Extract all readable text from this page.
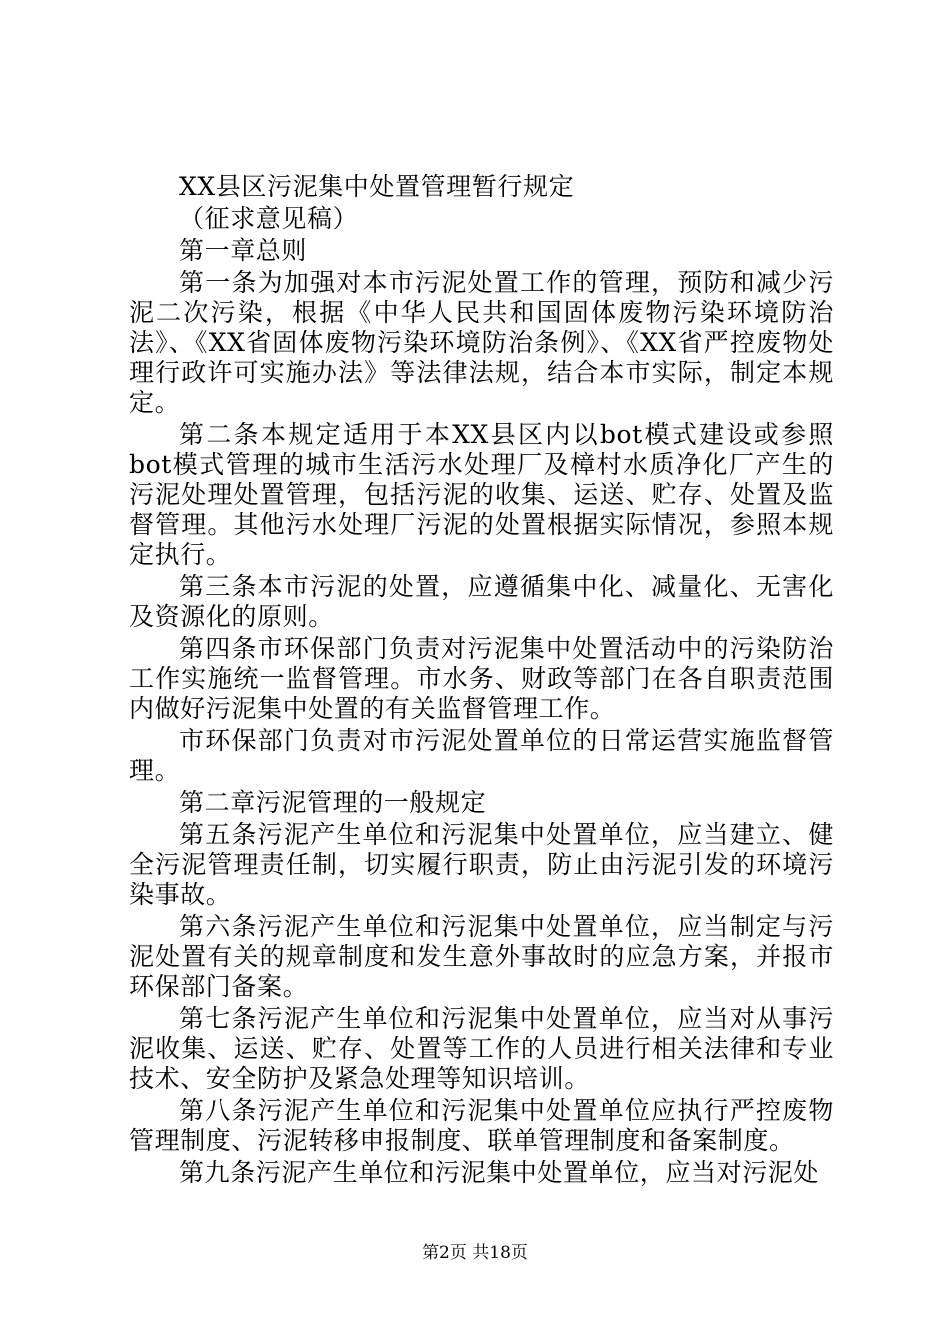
XX县区污泥集中处置管理暂行规定
（征求意见稿）
第一章总则

第一条为加强对本市污泥处置工作的管理，预防和减少污泥二次污染，根据《中华人民共和国固体废物污染环境防治法》、《XX省固体废物污染环境防治条例》、《XX省严控废物处理行政许可实施办法》等法律法规，结合本市实际，制定本规定。

第二条本规定适用于本XX县区内以bot模式建设或参照bot模式管理的城市生活污水处理厂及樟村水质净化厂产生的污泥处理处置管理，包括污泥的收集、运送、贮存、处置及监督管理。其他污水处理厂污泥的处置根据实际情况，参照本规定执行。

第三条本市污泥的处置，应遵循集中化、减量化、无害化及资源化的原则。

第四条市环保部门负责对污泥集中处置活动中的污染防治工作实施统一监督管理。市水务、财政等部门在各自职责范围内做好污泥集中处置的有关监督管理工作。

市环保部门负责对市污泥处置单位的日常运营实施监督管理。

第二章污泥管理的一般规定

第五条污泥产生单位和污泥集中处置单位，应当建立、健全污泥管理责任制，切实履行职责，防止由污泥引发的环境污染事故。

第六条污泥产生单位和污泥集中处置单位，应当制定与污泥处置有关的规章制度和发生意外事故时的应急方案，并报市环保部门备案。

第七条污泥产生单位和污泥集中处置单位，应当对从事污泥收集、运送、贮存、处置等工作的人员进行相关法律和专业技术、安全防护及紧急处理等知识培训。

第八条污泥产生单位和污泥集中处置单位应执行严控废物管理制度、污泥转移申报制度、联单管理制度和备案制度。

第九条污泥产生单位和污泥集中处置单位，应当对污泥处

第2页 共18页
